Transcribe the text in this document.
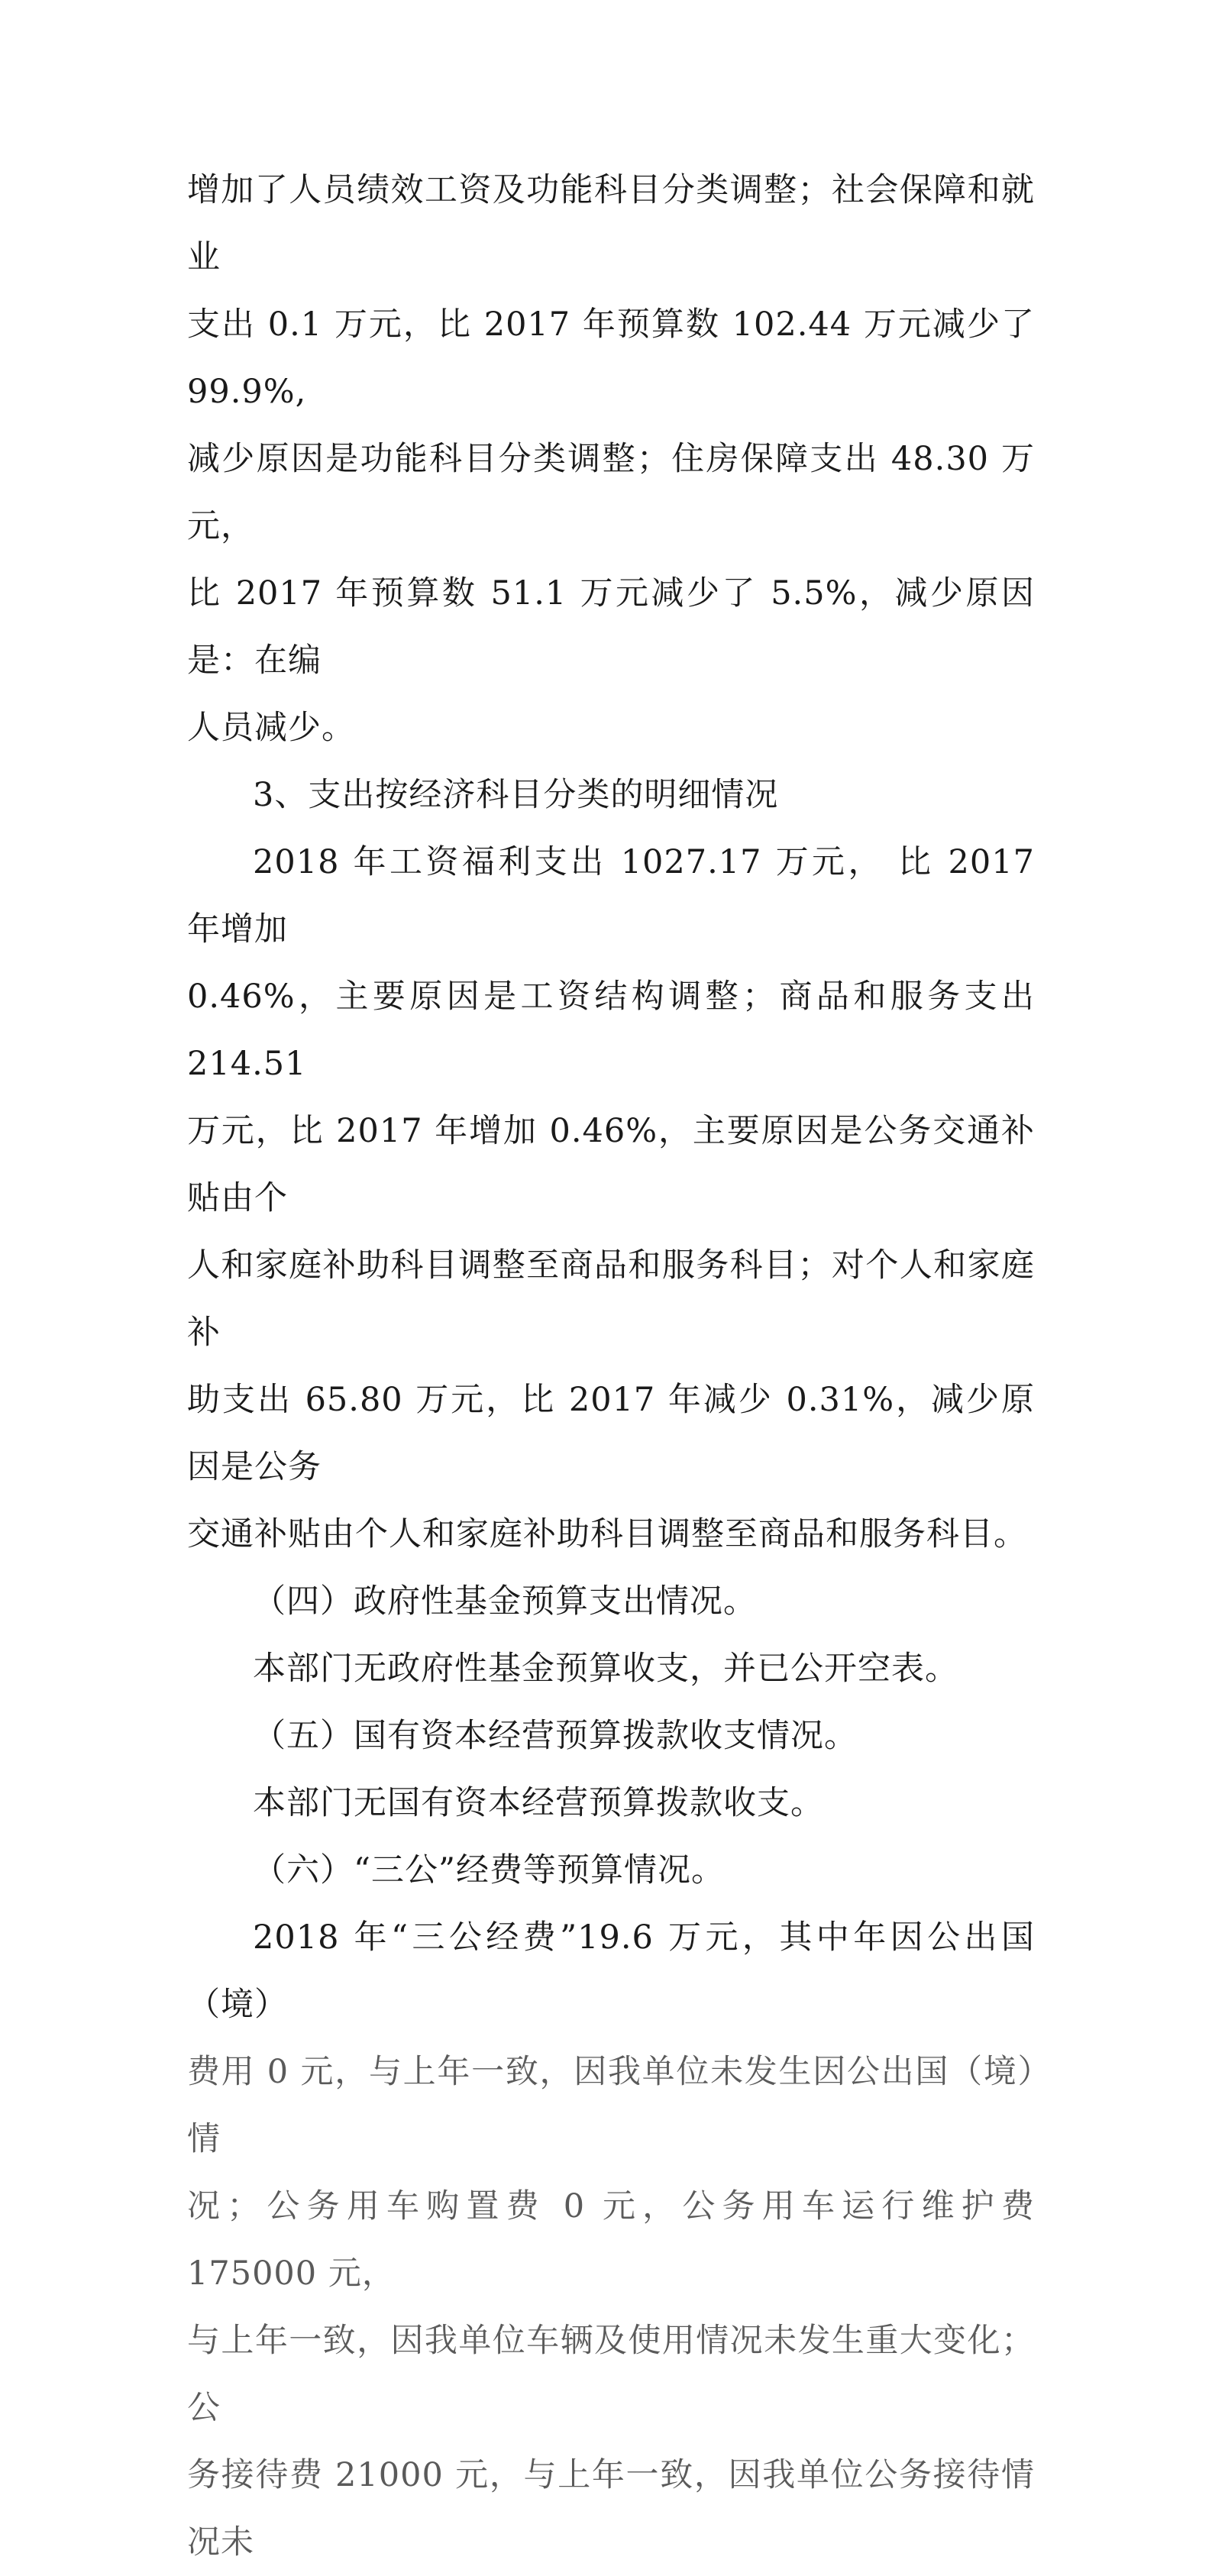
增加了人员绩效工资及功能科目分类调整；社会保障和就业
支出 0.1 万元，比 2017 年预算数 102.44 万元减少了 99.9%,
减少原因是功能科目分类调整；住房保障支出 48.30 万元，
比 2017 年预算数 51.1 万元减少了 5.5%，减少原因是：在编
人员减少。

3、支出按经济科目分类的明细情况

2018 年工资福利支出 1027.17 万元， 比 2017 年增加
0.46%，主要原因是工资结构调整；商品和服务支出 214.51
万元，比 2017 年增加 0.46%，主要原因是公务交通补贴由个
人和家庭补助科目调整至商品和服务科目；对个人和家庭补
助支出 65.80 万元，比 2017 年减少 0.31%，减少原因是公务
交通补贴由个人和家庭补助科目调整至商品和服务科目。

（四）政府性基金预算支出情况。

本部门无政府性基金预算收支，并已公开空表。

（五）国有资本经营预算拨款收支情况。

本部门无国有资本经营预算拨款收支。

（六）“三公”经费等预算情况。

2018 年“三公经费”19.6 万元，其中年因公出国（境）
费用 0 元，与上年一致，因我单位未发生因公出国（境）情
况；公务用车购置费 0 元，公务用车运行维护费 175000 元，
与上年一致，因我单位车辆及使用情况未发生重大变化；公
务接待费 21000 元，与上年一致，因我单位公务接待情况未
